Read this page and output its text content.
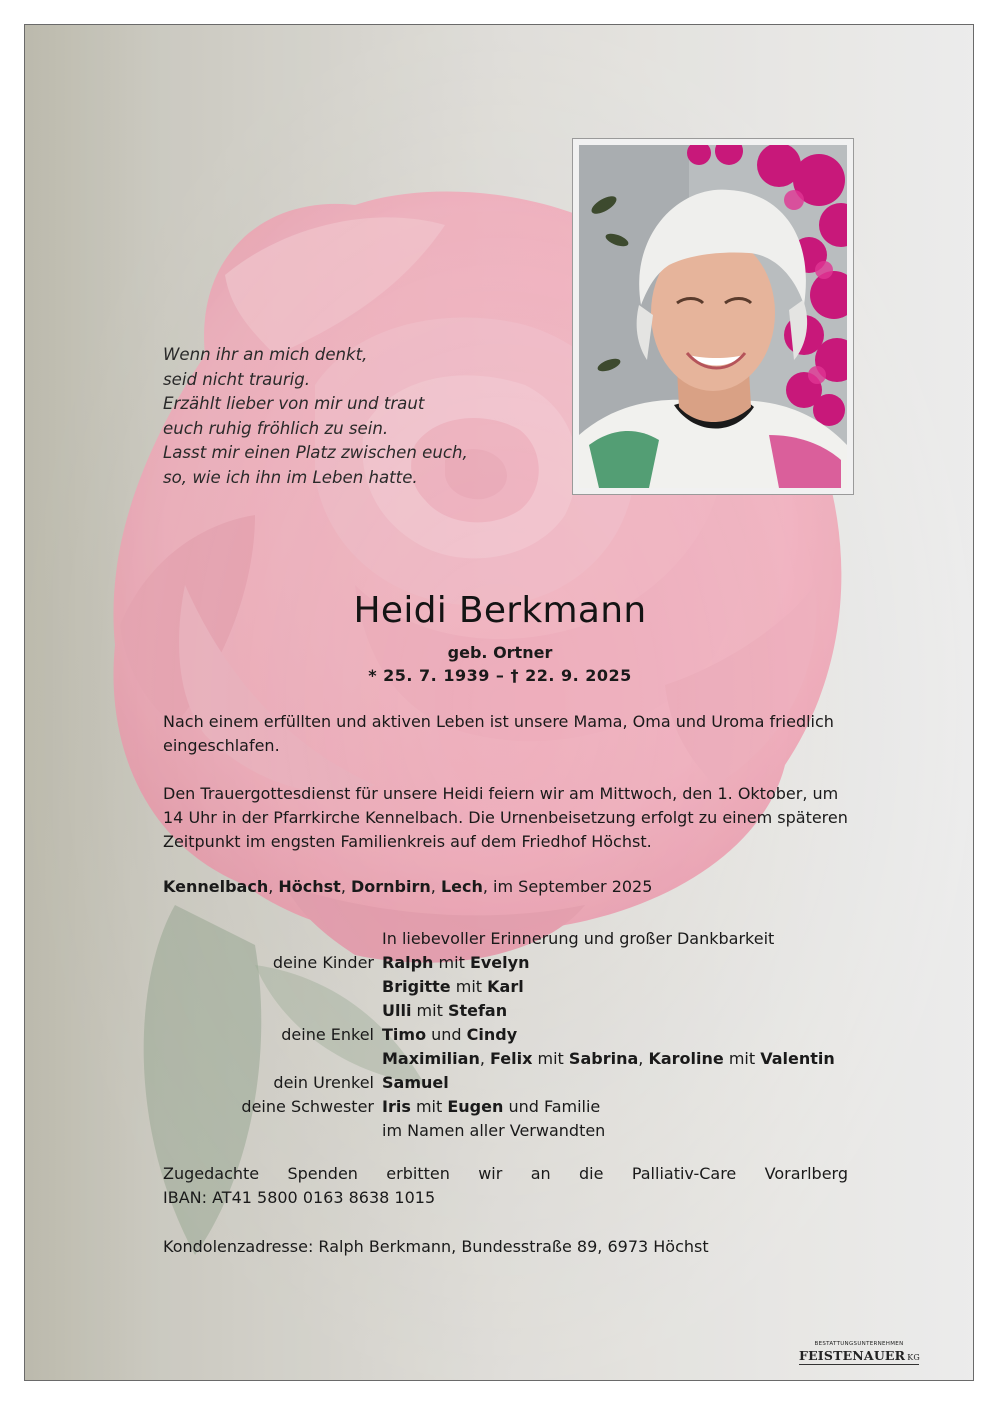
Wenn ihr an mich denkt,
seid nicht traurig.
Erzählt lieber von mir und traut
euch ruhig fröhlich zu sein.
Lasst mir einen Platz zwischen euch,
so, wie ich ihn im Leben hatte.
Heidi Berkmann
geb. Ortner
* 25. 7. 1939 – † 22. 9. 2025
Nach einem erfüllten und aktiven Leben ist unsere Mama, Oma und Uroma friedlich eingeschlafen.
Den Trauergottesdienst für unsere Heidi feiern wir am Mittwoch, den 1. Oktober, um 14 Uhr in der Pfarrkirche Kennelbach. Die Urnenbeisetzung erfolgt zu einem späteren Zeitpunkt im engsten Familienkreis auf dem Friedhof Höchst.
Kennelbach, Höchst, Dornbirn, Lech, im September 2025
In liebevoller Erinnerung und großer Dankbarkeit
deine Kinder Ralph mit Evelyn
Brigitte mit Karl
Ulli mit Stefan
deine Enkel Timo und Cindy
Maximilian, Felix mit Sabrina, Karoline mit Valentin
dein Urenkel Samuel
deine Schwester Iris mit Eugen und Familie
im Namen aller Verwandten
Zugedachte Spenden erbitten wir an die Palliativ-Care Vorarlberg
IBAN: AT41 5800 0163 8638 1015
Kondolenzadresse: Ralph Berkmann, Bundesstraße 89, 6973 Höchst
BESTATTUNGSUNTERNEHMEN
FEISTENAUER KG
